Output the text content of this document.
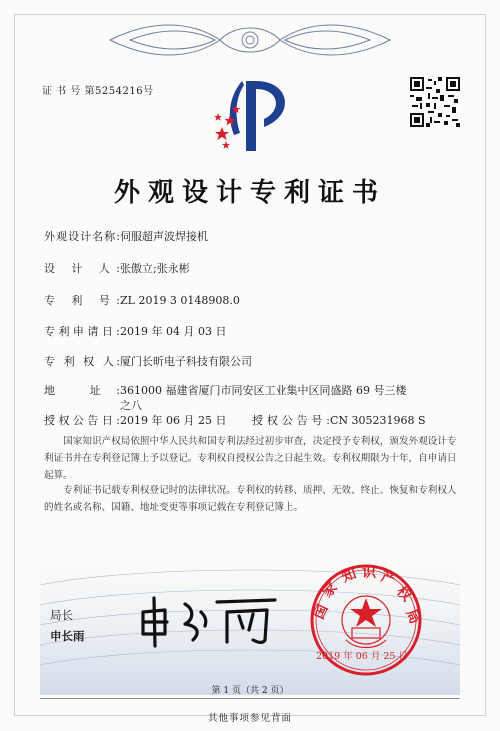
证 书 号 第5254216号
外观设计专利证书
外观设计名称:伺服超声波焊接机
设 计 人:张傲立;张永彬
专 利 号:ZL 2019 3 0148908.0
专利申请日:2019 年 04 月 03 日
专 利 权 人:厦门长昕电子科技有限公司
地 址:361000 福建省厦门市同安区工业集中区同盛路 69 号三楼
之八
授权公告日:2019 年 06 月 25 日 授权公告号:CN 305231968 S
国家知识产权局依照中华人民共和国专利法经过初步审查，决定授予专利权，颁发外观设计专利证书并在专利登记簿上予以登记。专利权自授权公告之日起生效。专利权期限为十年，自申请日起算。
专利证书记载专利权登记时的法律状况。专利权的转移、质押、无效、终止、恢复和专利权人的姓名或名称、国籍、地址变更等事项记载在专利登记簿上。
局长
申长雨
国
家
知 识 产
权
局
2019 年 06 月 25 日
第 1 页（共 2 页）
其他事项参见背面
